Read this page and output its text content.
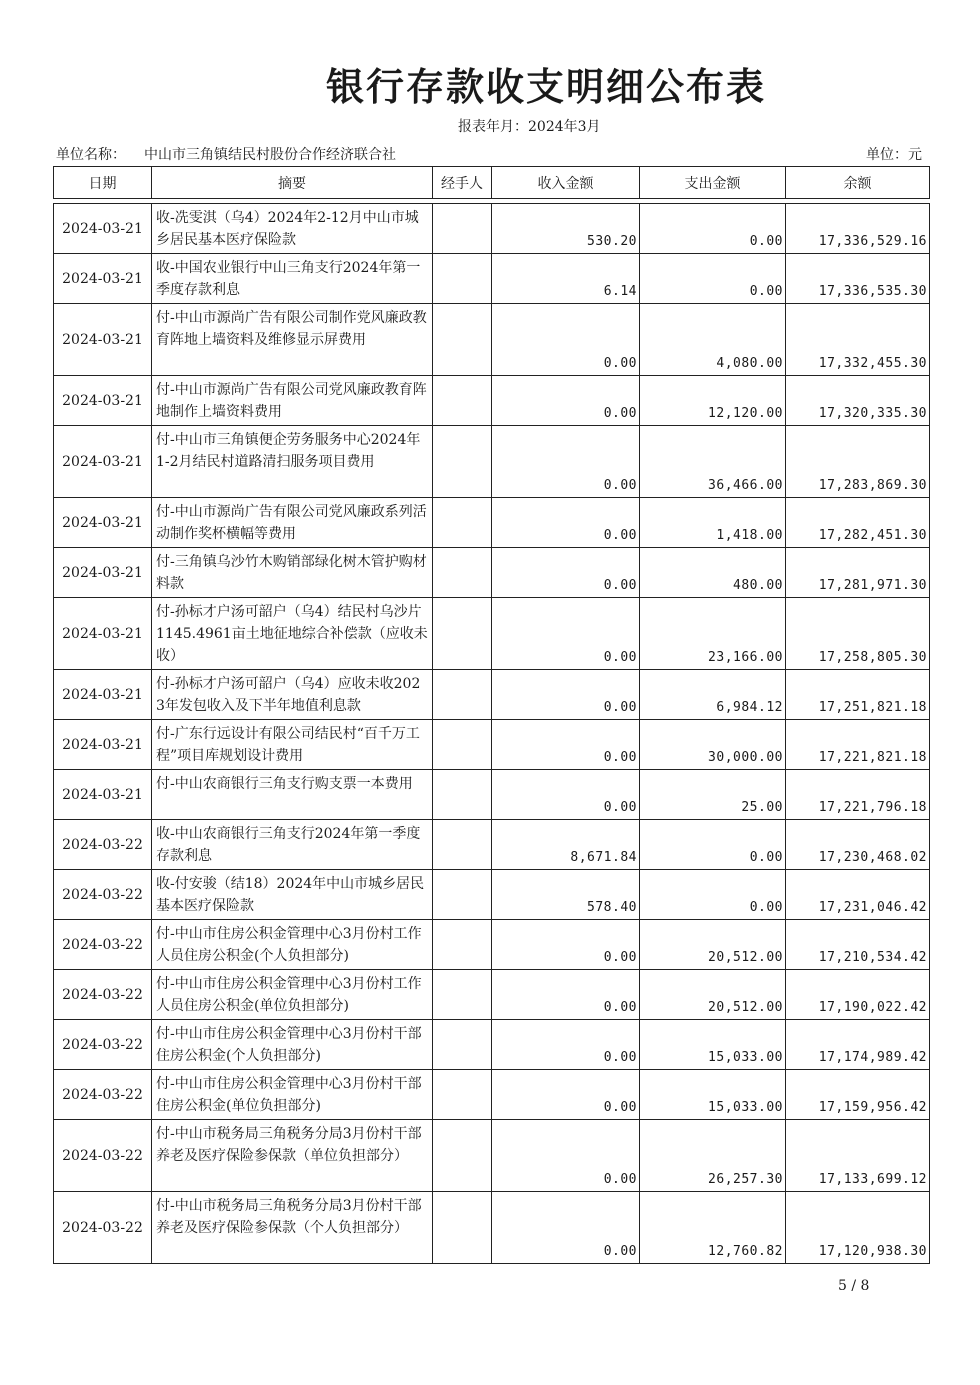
银行存款收支明细公布表
报表年月：2024年3月
单位名称： 中山市三角镇结民村股份合作经济联合社	单位：元
日期	摘要	经手人	收入金额	支出金额	余额

2024-03-21	收-冼雯淇（乌4）2024年2-12月中山市城乡居民基本医疗保险款		530.20	0.00	17,336,529.16
2024-03-21	收-中国农业银行中山三角支行2024年第一季度存款利息		6.14	0.00	17,336,535.30
2024-03-21	付-中山市源尚广告有限公司制作党风廉政教育阵地上墙资料及维修显示屏费用		0.00	4,080.00	17,332,455.30
2024-03-21	付-中山市源尚广告有限公司党风廉政教育阵地制作上墙资料费用		0.00	12,120.00	17,320,335.30
2024-03-21	付-中山市三角镇便企劳务服务中心2024年1-2月结民村道路清扫服务项目费用		0.00	36,466.00	17,283,869.30
2024-03-21	付-中山市源尚广告有限公司党风廉政系列活动制作奖杯横幅等费用		0.00	1,418.00	17,282,451.30
2024-03-21	付-三角镇乌沙竹木购销部绿化树木管护购材料款		0.00	480.00	17,281,971.30
2024-03-21	付-孙标才户汤可韶户（乌4）结民村乌沙片1145.4961亩土地征地综合补偿款（应收未收）		0.00	23,166.00	17,258,805.30
2024-03-21	付-孙标才户汤可韶户（乌4）应收未收2023年发包收入及下半年地值利息款		0.00	6,984.12	17,251,821.18
2024-03-21	付-广东行远设计有限公司结民村“百千万工程”项目库规划设计费用		0.00	30,000.00	17,221,821.18
2024-03-21	付-中山农商银行三角支行购支票一本费用		0.00	25.00	17,221,796.18
2024-03-22	收-中山农商银行三角支行2024年第一季度存款利息		8,671.84	0.00	17,230,468.02
2024-03-22	收-付安骏（结18）2024年中山市城乡居民基本医疗保险款		578.40	0.00	17,231,046.42
2024-03-22	付-中山市住房公积金管理中心3月份村工作人员住房公积金(个人负担部分)		0.00	20,512.00	17,210,534.42
2024-03-22	付-中山市住房公积金管理中心3月份村工作人员住房公积金(单位负担部分)		0.00	20,512.00	17,190,022.42
2024-03-22	付-中山市住房公积金管理中心3月份村干部住房公积金(个人负担部分)		0.00	15,033.00	17,174,989.42
2024-03-22	付-中山市住房公积金管理中心3月份村干部住房公积金(单位负担部分)		0.00	15,033.00	17,159,956.42
2024-03-22	付-中山市税务局三角税务分局3月份村干部养老及医疗保险参保款（单位负担部分）		0.00	26,257.30	17,133,699.12
2024-03-22	付-中山市税务局三角税务分局3月份村干部养老及医疗保险参保款（个人负担部分）		0.00	12,760.82	17,120,938.30
5 / 8
